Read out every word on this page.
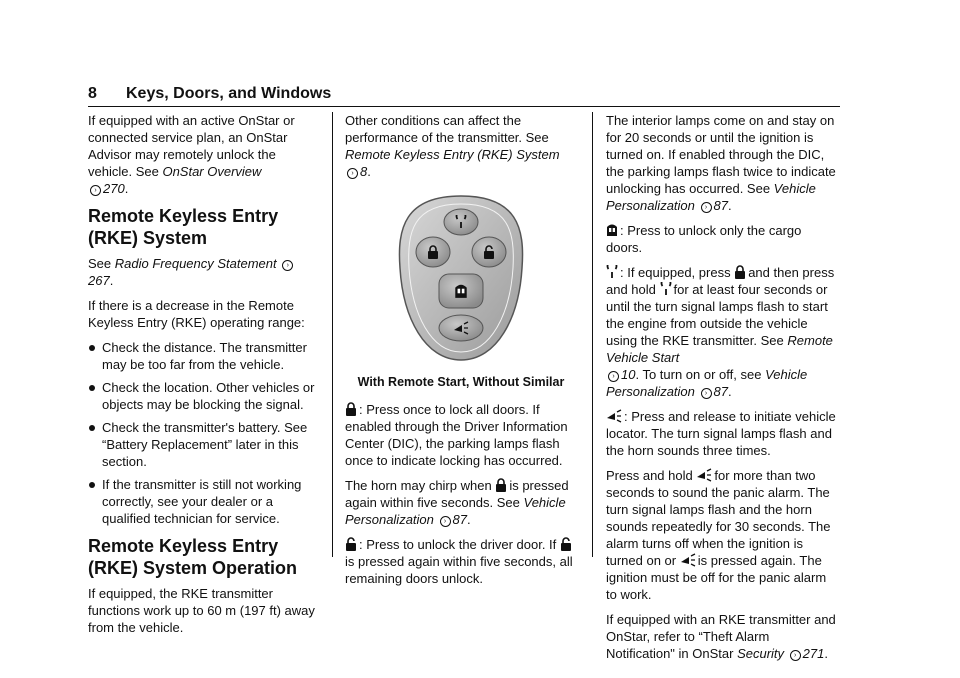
8 Keys, Doors, and Windows

If equipped with an active OnStar or connected service plan, an OnStar Advisor may remotely unlock the vehicle. See OnStar Overview
› 270.

Remote Keyless Entry (RKE) System

See Radio Frequency Statement ›267.

If there is a decrease in the Remote Keyless Entry (RKE) operating range:

Check the distance. The transmitter may be too far from the vehicle.
Check the location. Other vehicles or objects may be blocking the signal.
Check the transmitter's battery. See “Battery Replacement” later in this section.
If the transmitter is still not working correctly, see your dealer or a qualified technician for service.
Remote Keyless Entry (RKE) System Operation

If equipped, the RKE transmitter functions work up to 60 m (197 ft) away from the vehicle.

Other conditions can affect the performance of the transmitter. See Remote Keyless Entry (RKE) System › 8.

With Remote Start, Without Similar

: Press once to lock all doors. If enabled through the Driver Information Center (DIC), the parking lamps flash once to indicate locking has occurred.

The horn may chirp when is pressed again within five seconds. See Vehicle Personalization › 87.

: Press to unlock the driver door. If is pressed again within five seconds, all remaining doors unlock.

The interior lamps come on and stay on for 20 seconds or until the ignition is turned on. If enabled through the DIC, the parking lamps flash twice to indicate unlocking has occurred. See Vehicle Personalization › 87.

: Press to unlock only the cargo doors.

: If equipped, press and then press and hold for at least four seconds or until the turn signal lamps flash to start the engine from outside the vehicle using the RKE transmitter. See Remote Vehicle Start
› 10. To turn on or off, see Vehicle Personalization › 87.

: Press and release to initiate vehicle locator. The turn signal lamps flash and the horn sounds three times.

Press and hold for more than two seconds to sound the panic alarm. The turn signal lamps flash and the horn sounds repeatedly for 30 seconds. The alarm turns off when the ignition is turned on or is pressed again. The ignition must be off for the panic alarm to work.

If equipped with an RKE transmitter and OnStar, refer to “Theft Alarm Notification" in OnStar Security › 271.
